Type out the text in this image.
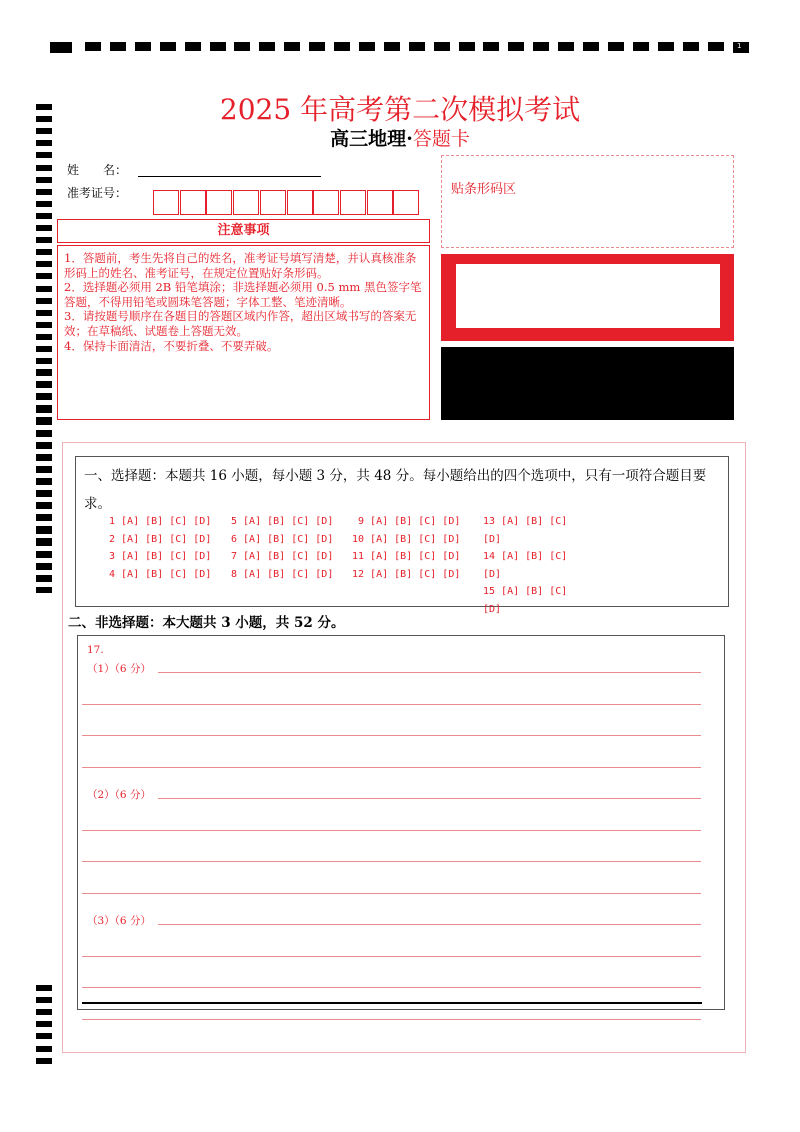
1
2025 年高考第二次模拟考试
高三地理·答题卡
姓　　名：
准考证号：
注意事项

1．答题前，考生先将自己的姓名，准考证号填写清楚，并认真核准条形码上的姓名、准考证号，在规定位置贴好条形码。

2．选择题必须用 2B 铅笔填涂；非选择题必须用 0.5 mm 黑色签字笔答题，不得用铅笔或圆珠笔答题；字体工整、笔迹清晰。

3．请按题号顺序在各题目的答题区域内作答，超出区域书写的答案无效；在草稿纸、试题卷上答题无效。

4．保持卡面清洁，不要折叠、不要弄破。

贴条形码区
一、选择题：本题共 16 小题，每小题 3 分，共 48 分。每小题给出的四个选项中，只有一项符合题目要求。
1 [A] [B] [C] [D] 5 [A] [B] [C] [D] 9 [A] [B] [C] [D] 13 [A] [B] [C]
2 [A] [B] [C] [D] 6 [A] [B] [C] [D] 10 [A] [B] [C] [D] [D]
3 [A] [B] [C] [D] 7 [A] [B] [C] [D] 11 [A] [B] [C] [D] 14 [A] [B] [C]
4 [A] [B] [C] [D] 8 [A] [B] [C] [D] 12 [A] [B] [C] [D] [D]
15 [A] [B] [C]
[D]
二、非选择题：本大题共 3 小题，共 52 分。
17.
（1）（6 分）
（2）（6 分）
（3）（6 分）
